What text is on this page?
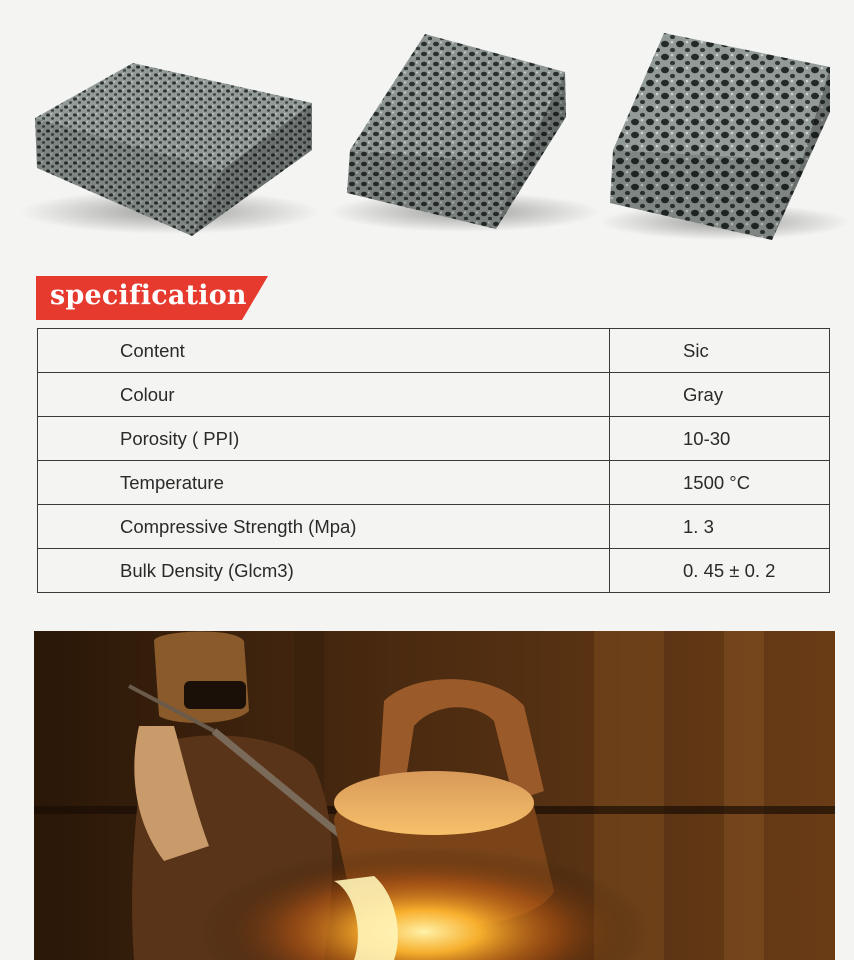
specification
Content	Sic
Colour	Gray
Porosity ( PPI)	10-30
Temperature	1500 °C
Compressive Strength (Mpa)	1. 3
Bulk Density (Glcm3)	0. 45 ± 0. 2
